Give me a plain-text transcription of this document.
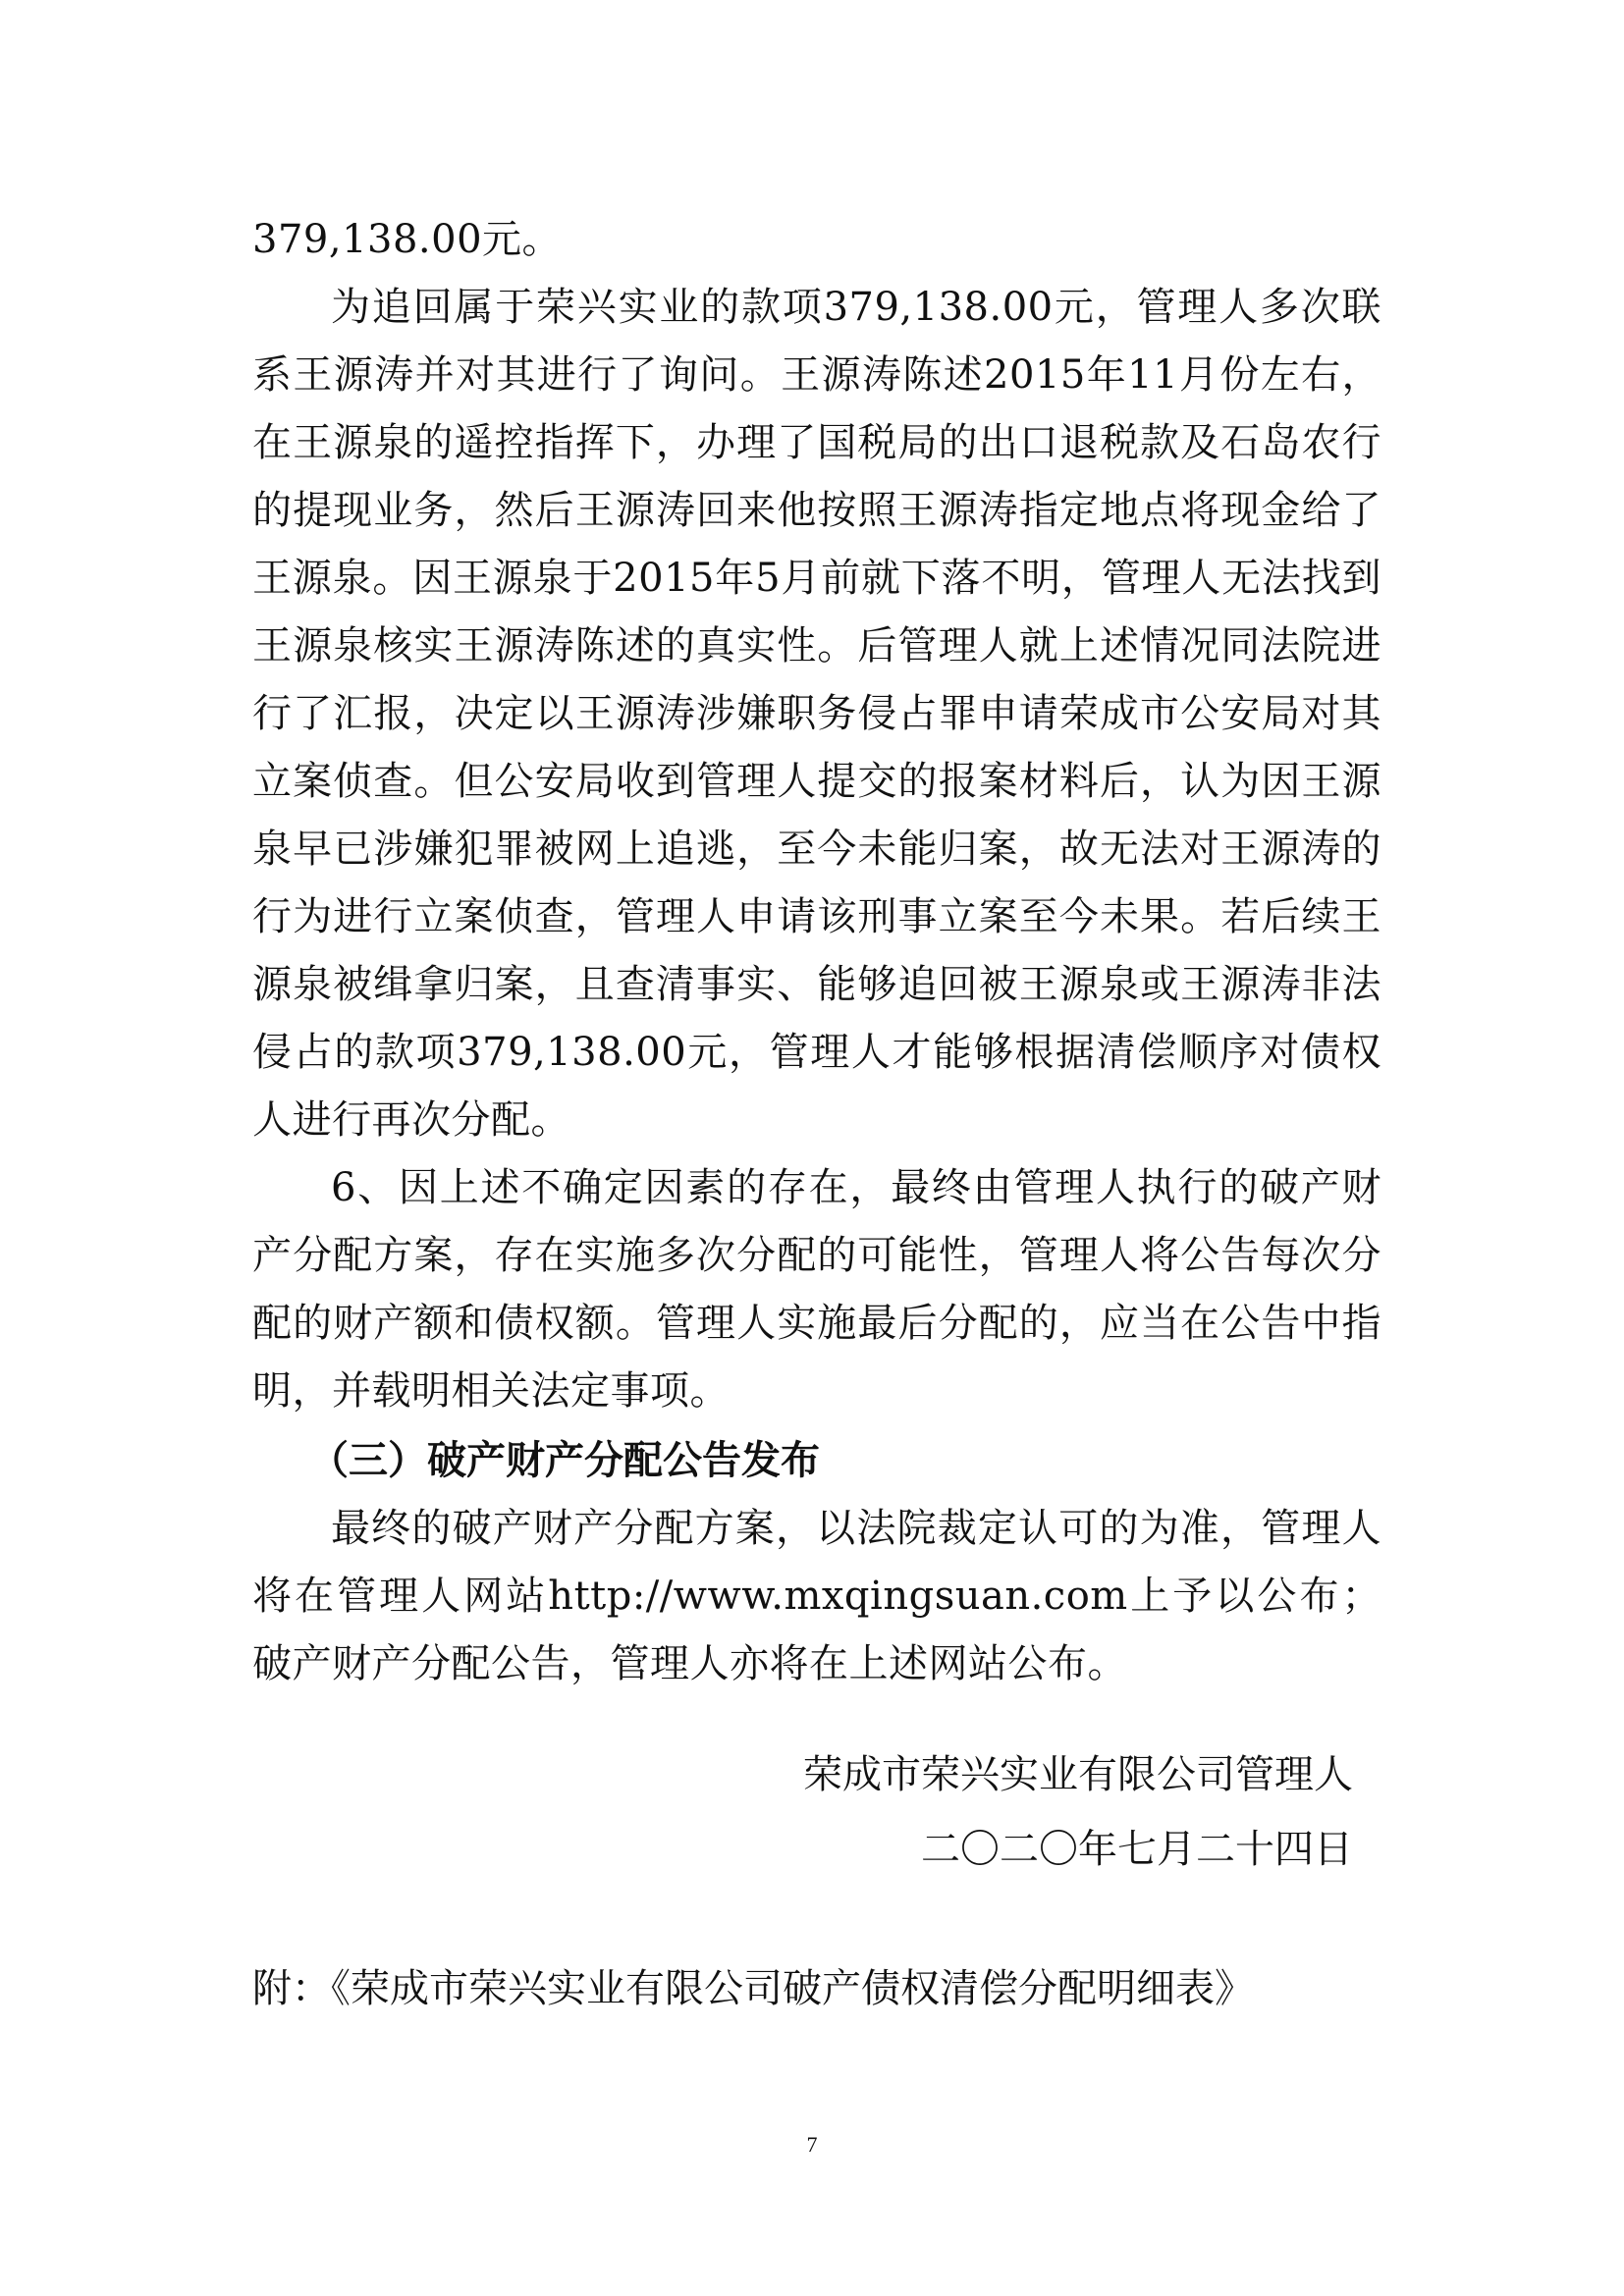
379,138.00元。

为追回属于荣兴实业的款项379,138.00元，管理人多次联系王源涛并对其进行了询问。王源涛陈述2015年11月份左右，在王源泉的遥控指挥下，办理了国税局的出口退税款及石岛农行的提现业务，然后王源涛回来他按照王源涛指定地点将现金给了王源泉。因王源泉于2015年5月前就下落不明，管理人无法找到王源泉核实王源涛陈述的真实性。后管理人就上述情况同法院进行了汇报，决定以王源涛涉嫌职务侵占罪申请荣成市公安局对其立案侦查。但公安局收到管理人提交的报案材料后，认为因王源泉早已涉嫌犯罪被网上追逃，至今未能归案，故无法对王源涛的行为进行立案侦查，管理人申请该刑事立案至今未果。若后续王源泉被缉拿归案，且查清事实、能够追回被王源泉或王源涛非法侵占的款项379,138.00元，管理人才能够根据清偿顺序对债权人进行再次分配。

6、因上述不确定因素的存在，最终由管理人执行的破产财产分配方案，存在实施多次分配的可能性，管理人将公告每次分配的财产额和债权额。管理人实施最后分配的，应当在公告中指明，并载明相关法定事项。

（三）破产财产分配公告发布

最终的破产财产分配方案，以法院裁定认可的为准，管理人将在管理人网站http://www.mxqingsuan.com上予以公布；破产财产分配公告，管理人亦将在上述网站公布。

荣成市荣兴实业有限公司管理人
二〇二〇年七月二十四日
附：《荣成市荣兴实业有限公司破产债权清偿分配明细表》
7
